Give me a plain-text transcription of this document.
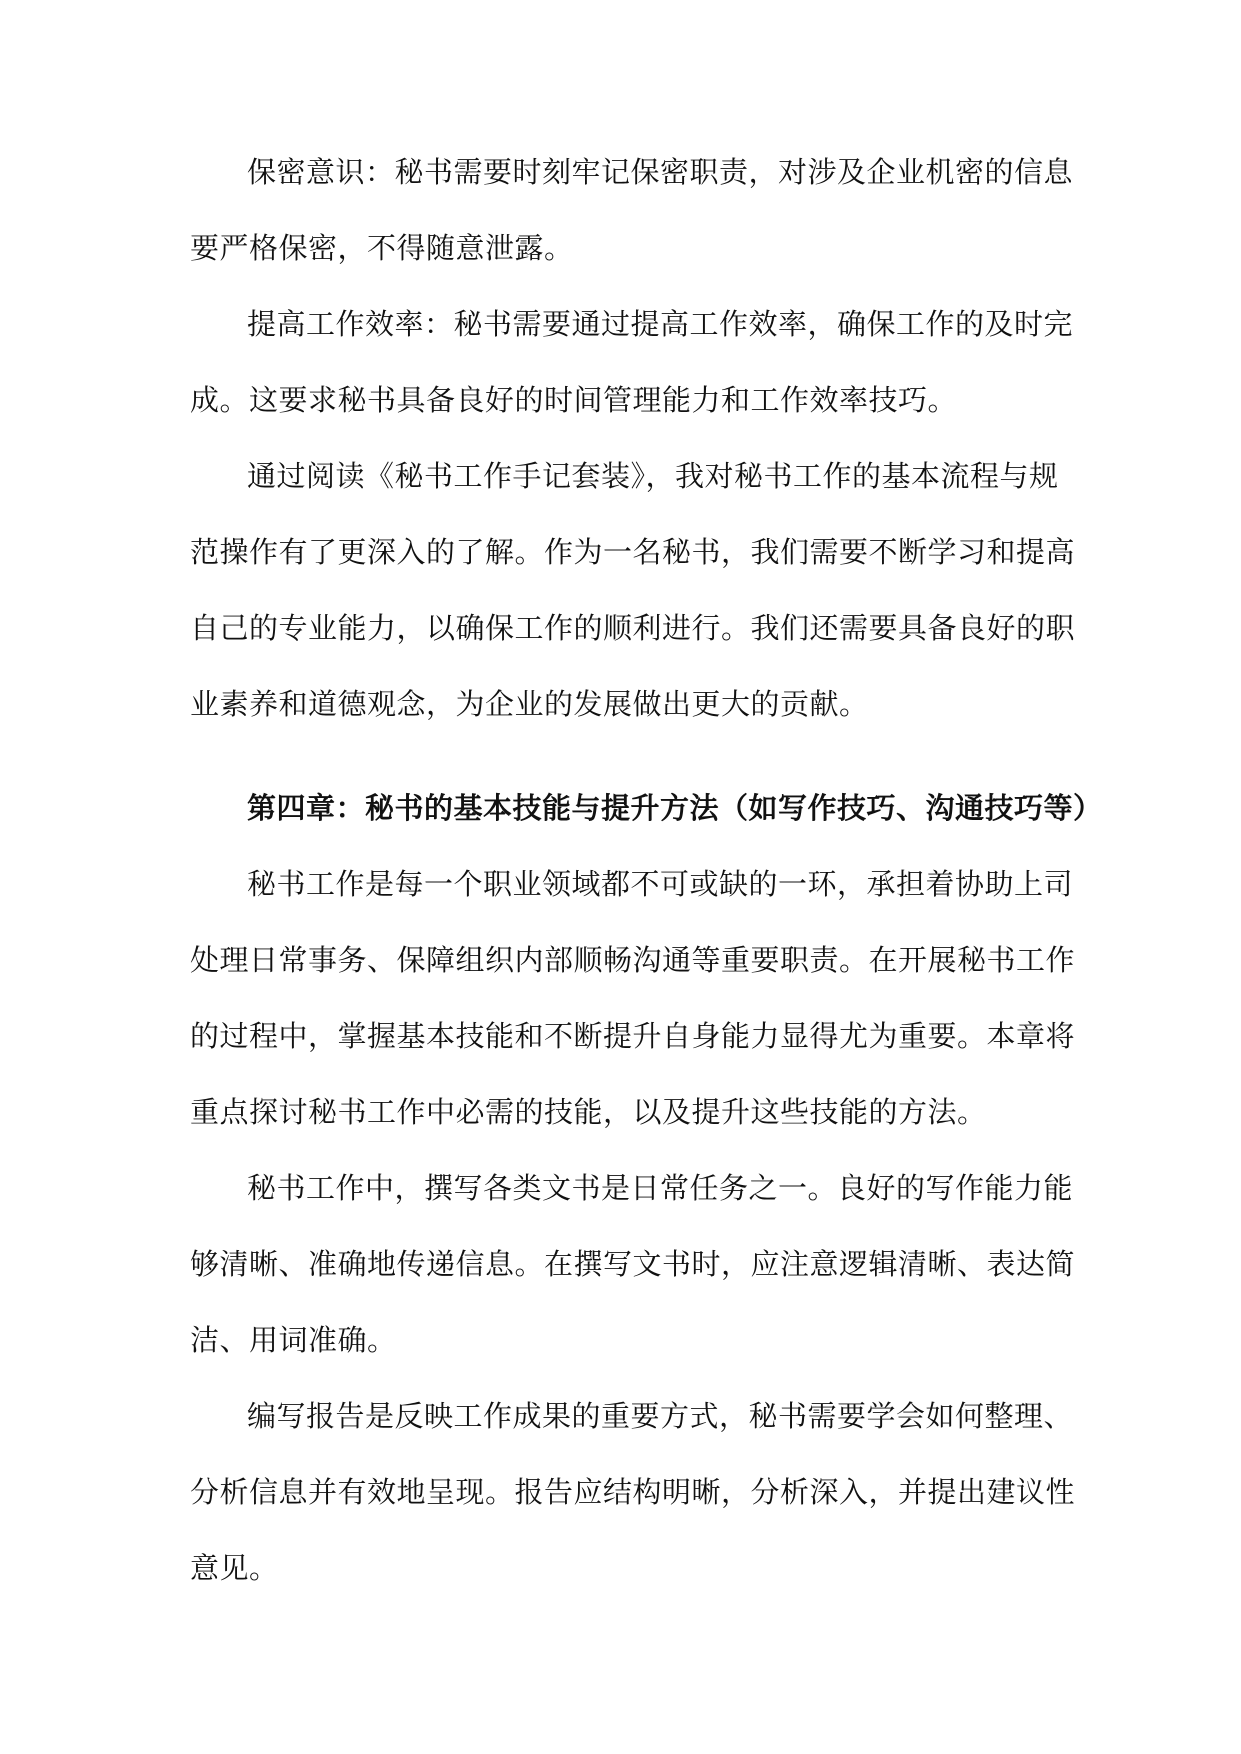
保密意识：秘书需要时刻牢记保密职责，对涉及企业机密的信息
要严格保密，不得随意泄露。
提高工作效率：秘书需要通过提高工作效率，确保工作的及时完
成。这要求秘书具备良好的时间管理能力和工作效率技巧。
通过阅读《秘书工作手记套装》，我对秘书工作的基本流程与规
范操作有了更深入的了解。作为一名秘书，我们需要不断学习和提高
自己的专业能力，以确保工作的顺利进行。我们还需要具备良好的职
业素养和道德观念，为企业的发展做出更大的贡献。
第四章：秘书的基本技能与提升方法（如写作技巧、沟通技巧等）
秘书工作是每一个职业领域都不可或缺的一环，承担着协助上司
处理日常事务、保障组织内部顺畅沟通等重要职责。在开展秘书工作
的过程中，掌握基本技能和不断提升自身能力显得尤为重要。本章将
重点探讨秘书工作中必需的技能，以及提升这些技能的方法。
秘书工作中，撰写各类文书是日常任务之一。良好的写作能力能
够清晰、准确地传递信息。在撰写文书时，应注意逻辑清晰、表达简
洁、用词准确。
编写报告是反映工作成果的重要方式，秘书需要学会如何整理、
分析信息并有效地呈现。报告应结构明晰，分析深入，并提出建议性
意见。
